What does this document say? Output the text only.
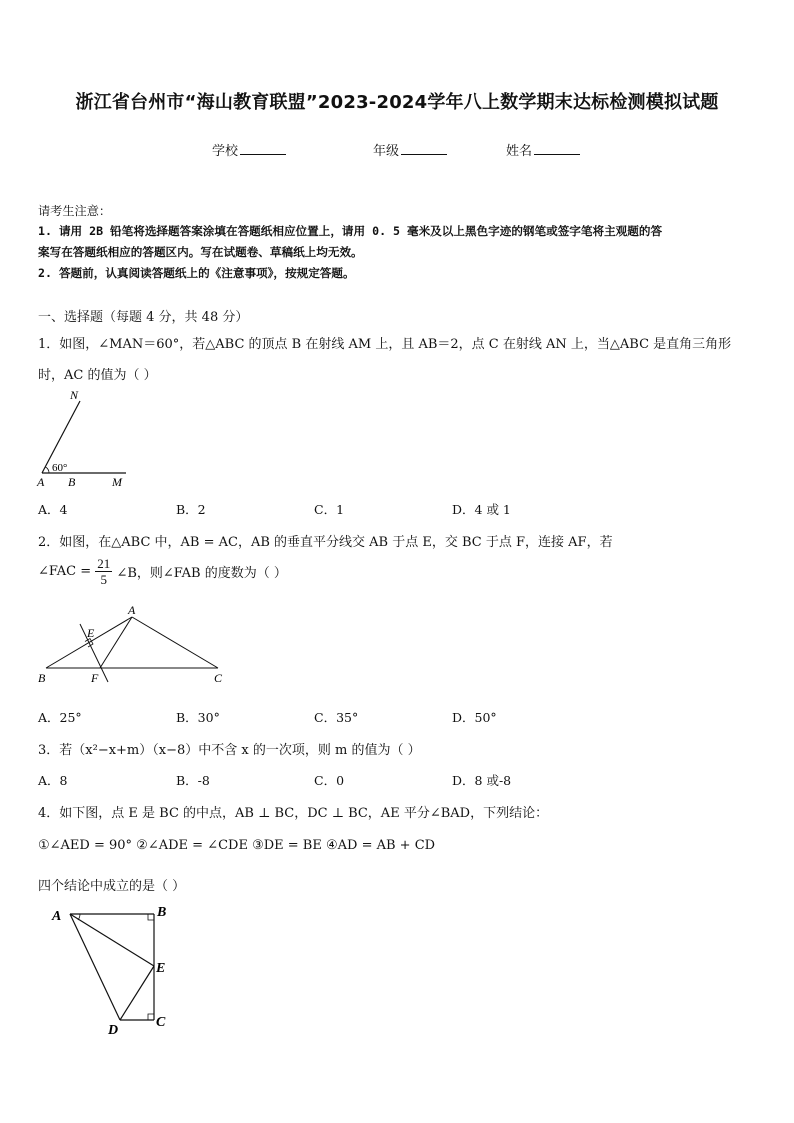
浙江省台州市“海山教育联盟”2023-2024学年八上数学期末达标检测模拟试题
学校	年级	姓名
请考生注意：
1. 请用 2B 铅笔将选择题答案涂填在答题纸相应位置上，请用 0. 5 毫米及以上黑色字迹的钢笔或签字笔将主观题的答
案写在答题纸相应的答题区内。写在试题卷、草稿纸上均无效。
2. 答题前，认真阅读答题纸上的《注意事项》，按规定答题。
一、选择题（每题 4 分，共 48 分）
1．如图，∠MAN＝60°，若△ABC 的顶点 B 在射线 AM 上，且 AB＝2，点 C 在射线 AN 上，当△ABC 是直角三角形
时，AC 的值为（ ）
N
60°
A B	M
A．4	B．2	C．1	D．4 或 1
2．如图，在△ABC 中，AB = AC，AB 的垂直平分线交 AB 于点 E，交 BC 于点 F，连接 AF，若
∠FAC = $\frac{21}{5}$ ∠B，则∠FAB 的度数为（ ）
A
E
B	F	C
A．25°	B．30°	C．35°	D．50°
3．若（x²−x+m）（x−8）中不含 x 的一次项，则 m 的值为（ ）
A．8	B．-8	C．0	D．8 或-8
4．如下图，点 E 是 BC 的中点，AB ⊥ BC，DC ⊥ BC，AE 平分∠BAD，下列结论：
①∠AED = 90° ②∠ADE = ∠CDE ③DE = BE ④AD = AB + CD
四个结论中成立的是（ ）
A	B
E
D
C
